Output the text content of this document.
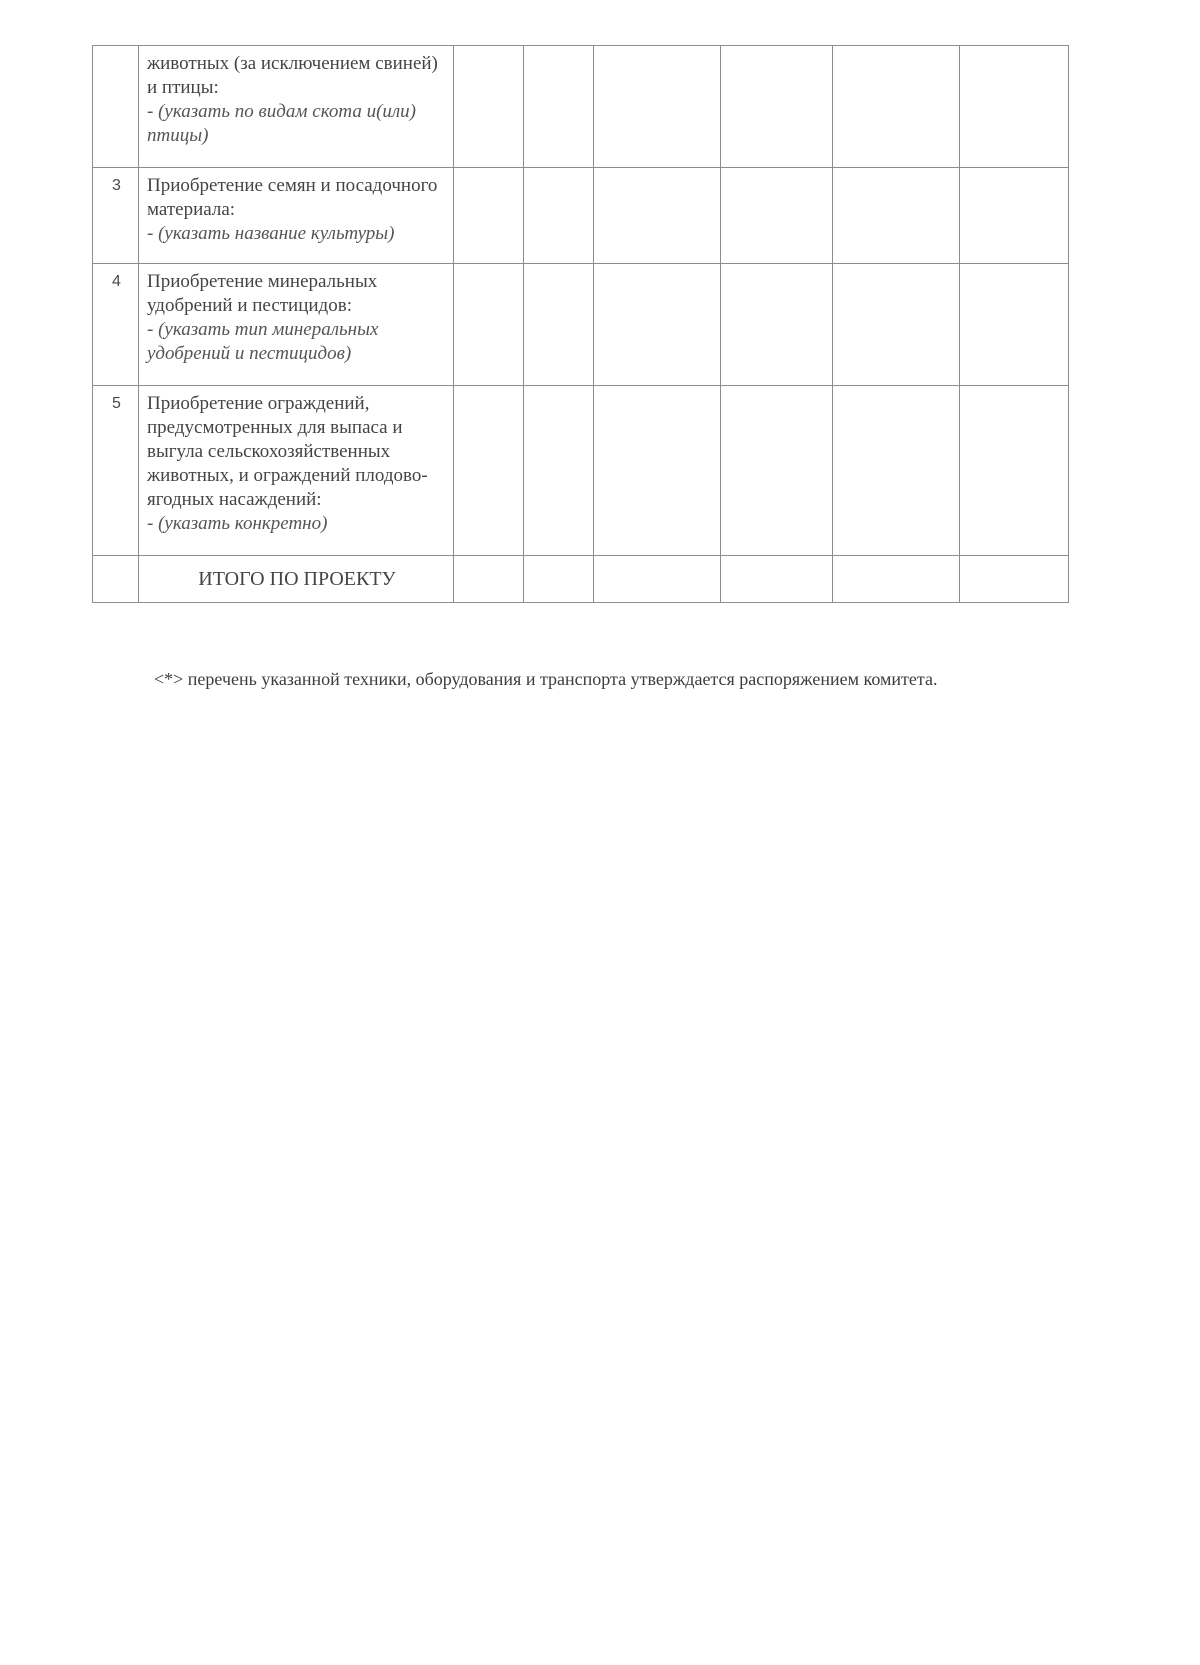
	животных (за исключением свиней) и птицы:
- (указать по видам скота и(или) птицы)						

3	Приобретение семян и посадочного материала:
- (указать название культуры)						

4	Приобретение минеральных удобрений и пестицидов:
- (указать тип минеральных удобрений и пестицидов)						

5	Приобретение ограждений, предусмотренных для выпаса и выгула сельскохозяйственных животных, и ограждений плодово-ягодных насаждений:
- (указать конкретно)						

	ИТОГО ПО ПРОЕКТУ						

<*> перечень указанной техники, оборудования и транспорта утверждается распоряжением комитета.
